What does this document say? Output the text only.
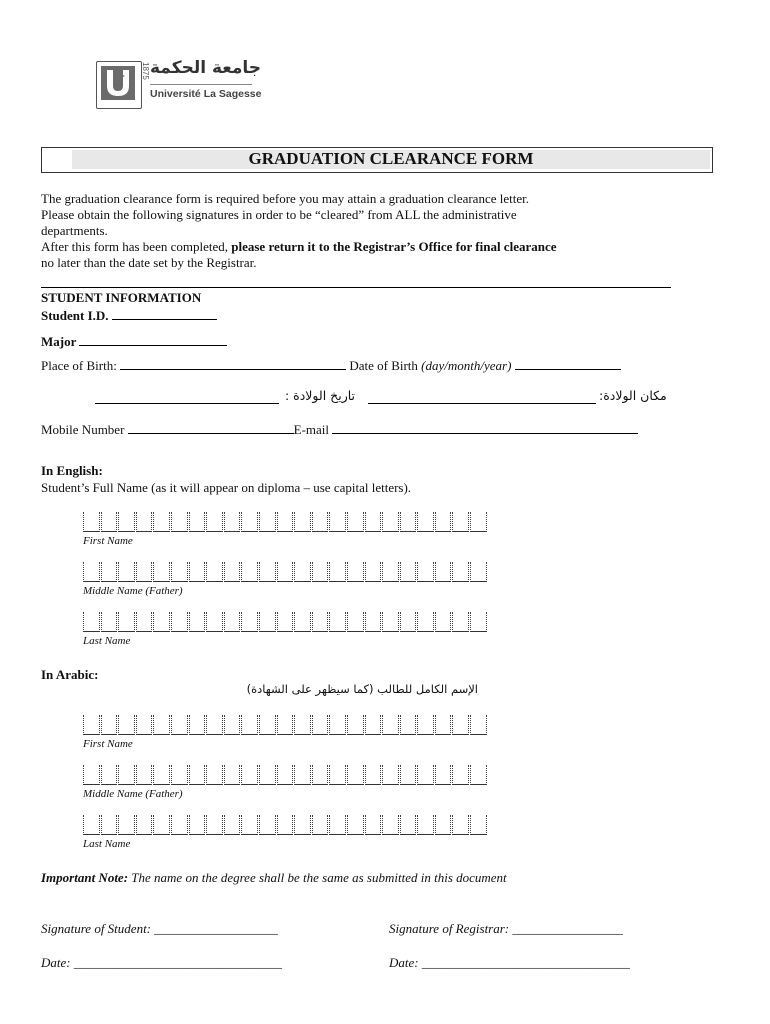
1875 جامعة الحكمة
Université La Sagesse
GRADUATION CLEARANCE FORM
The graduation clearance form is required before you may attain a graduation clearance letter.
Please obtain the following signatures in order to be “cleared” from ALL the administrative
departments.
After this form has been completed, please return it to the Registrar’s Office for final clearance
no later than the date set by the Registrar.
STUDENT INFORMATION
Student I.D.
Major
Place of Birth:	Date of Birth (day/month/year)
تاريخ الولادة :	مكان الولادة:
Mobile Number	E-mail
In English:
Student’s Full Name (as it will appear on diploma – use capital letters).
First Name
Middle Name (Father)
Last Name
In Arabic:
الإسم الكامل للطالب (كما سيظهر على الشهادة)
First Name
Middle Name (Father)
Last Name
Important Note: The name on the degree shall be the same as submitted in this document
Signature of Student: ___________________	Signature of Registrar: _________________
Date: ________________________________	Date: ________________________________
